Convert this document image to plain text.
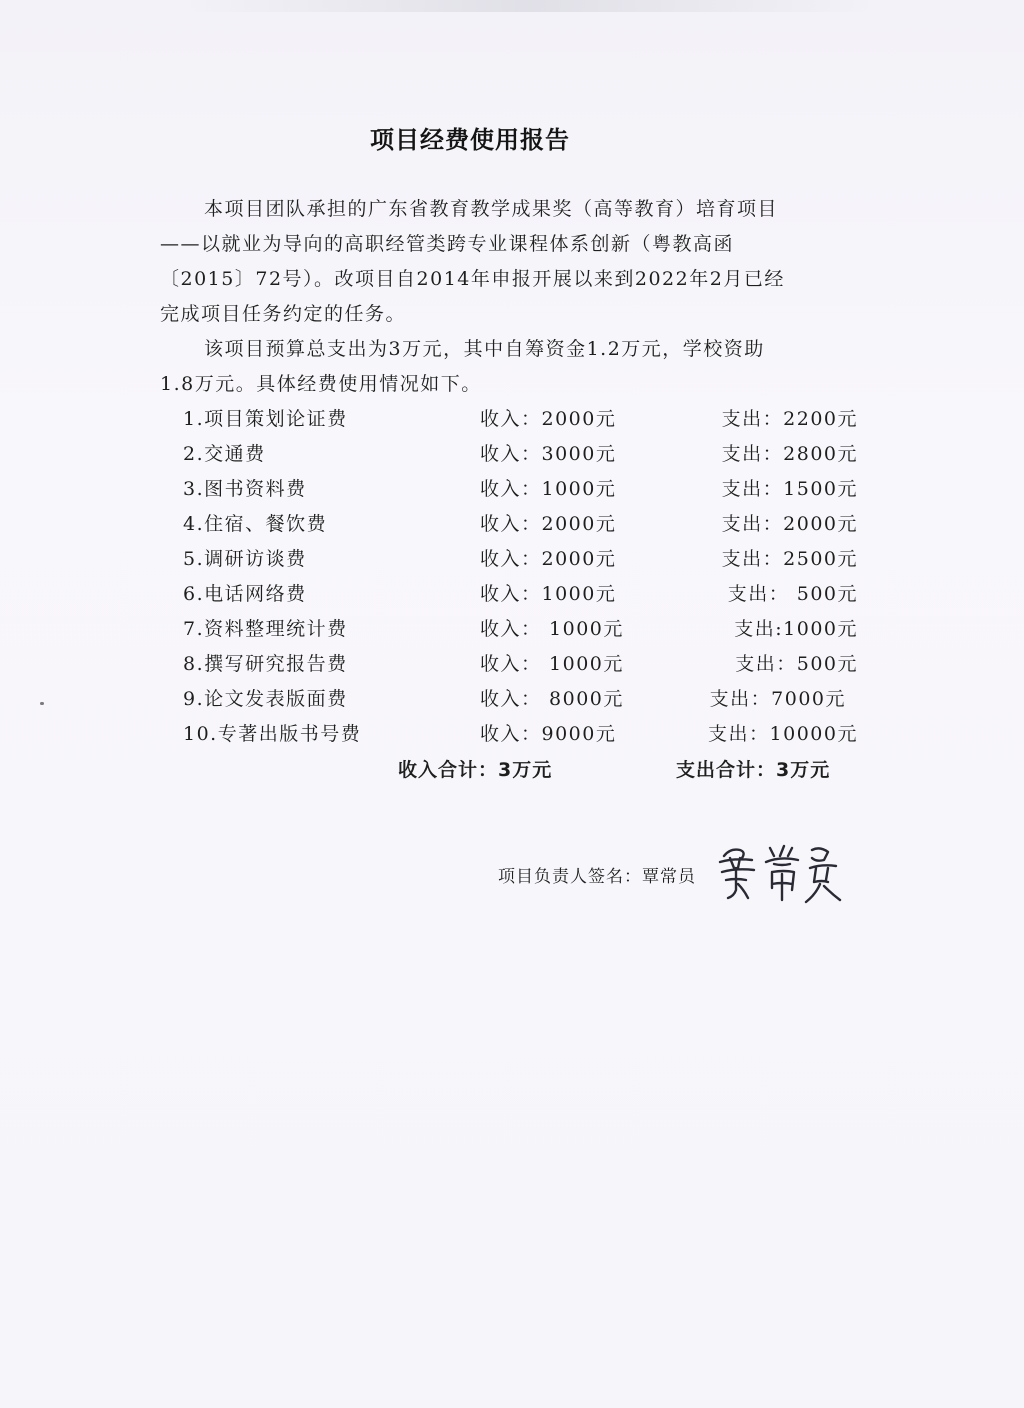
项目经费使用报告
本项目团队承担的广东省教育教学成果奖（高等教育）培育项目
——以就业为导向的高职经管类跨专业课程体系创新（粤教高函
〔2015〕72号）。改项目自2014年申报开展以来到2022年2月已经
完成项目任务约定的任务。
该项目预算总支出为3万元，其中自筹资金1.2万元，学校资助
1.8万元。具体经费使用情况如下。
1.项目策划论证费	收入：2000元	支出：2200元
2.交通费	收入：3000元	支出：2800元
3.图书资料费	收入：1000元	支出：1500元
4.住宿、餐饮费	收入：2000元	支出：2000元
5.调研访谈费	收入：2000元	支出：2500元
6.电话网络费	收入：1000元	支出： 500元
7.资料整理统计费	收入： 1000元	支出:1000元
8.撰写研究报告费	收入： 1000元	支出：500元
9.论文发表版面费	收入： 8000元	支出：7000元
10.专著出版书号费	收入：9000元	支出：10000元
收入合计：3万元	支出合计：3万元
项目负责人签名：覃常员
